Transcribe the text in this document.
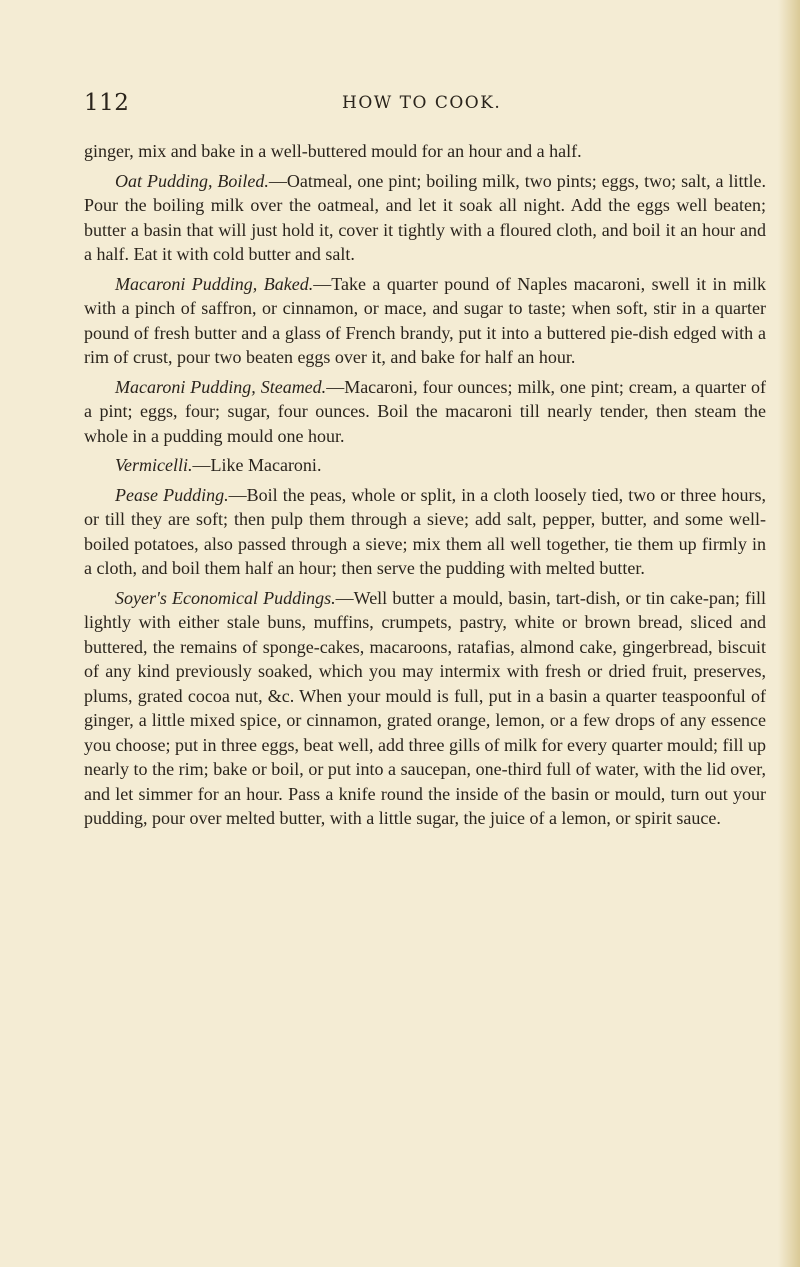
112	HOW TO COOK.

ginger, mix and bake in a well-buttered mould for an hour and a half.

Oat Pudding, Boiled.—Oatmeal, one pint; boiling milk, two pints; eggs, two; salt, a little. Pour the boiling milk over the oatmeal, and let it soak all night. Add the eggs well beaten; butter a basin that will just hold it, cover it tightly with a floured cloth, and boil it an hour and a half. Eat it with cold butter and salt.

Macaroni Pudding, Baked.—Take a quarter pound of Naples macaroni, swell it in milk with a pinch of saffron, or cinnamon, or mace, and sugar to taste; when soft, stir in a quarter pound of fresh butter and a glass of French brandy, put it into a buttered pie-dish edged with a rim of crust, pour two beaten eggs over it, and bake for half an hour.

Macaroni Pudding, Steamed.—Macaroni, four ounces; milk, one pint; cream, a quarter of a pint; eggs, four; sugar, four ounces. Boil the macaroni till nearly tender, then steam the whole in a pudding mould one hour.

Vermicelli.—Like Macaroni.

Pease Pudding.—Boil the peas, whole or split, in a cloth loosely tied, two or three hours, or till they are soft; then pulp them through a sieve; add salt, pepper, butter, and some well-boiled potatoes, also passed through a sieve; mix them all well together, tie them up firmly in a cloth, and boil them half an hour; then serve the pudding with melted butter.

Soyer's Economical Puddings.—Well butter a mould, basin, tart-dish, or tin cake-pan; fill lightly with either stale buns, muffins, crumpets, pastry, white or brown bread, sliced and buttered, the remains of sponge-cakes, macaroons, ratafias, almond cake, gingerbread, biscuit of any kind previously soaked, which you may intermix with fresh or dried fruit, preserves, plums, grated cocoa nut, &c. When your mould is full, put in a basin a quarter teaspoonful of ginger, a little mixed spice, or cinnamon, grated orange, lemon, or a few drops of any essence you choose; put in three eggs, beat well, add three gills of milk for every quarter mould; fill up nearly to the rim; bake or boil, or put into a saucepan, one-third full of water, with the lid over, and let simmer for an hour. Pass a knife round the inside of the basin or mould, turn out your pudding, pour over melted butter, with a little sugar, the juice of a lemon, or spirit sauce.
